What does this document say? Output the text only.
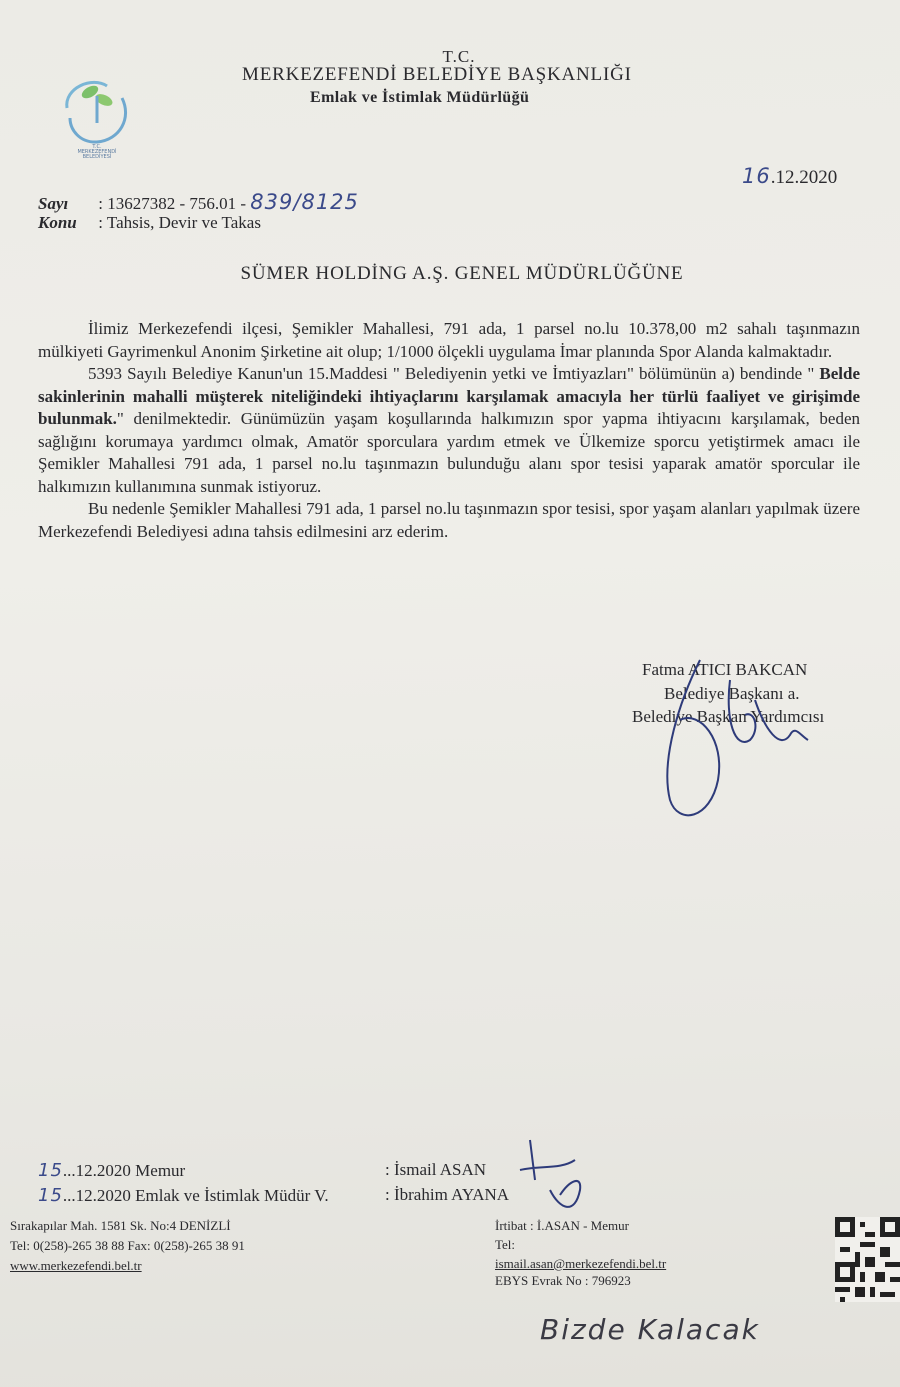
T.C.
MERKEZEFENDİ
BELEDİYESİ
T.C.
MERKEZEFENDİ BELEDİYE BAŞKANLIĞI
Emlak ve İstimlak Müdürlüğü
16.12.2020
Sayı : 13627382 - 756.01 - 839/8125
Konu : Tahsis, Devir ve Takas
SÜMER HOLDİNG A.Ş. GENEL MÜDÜRLÜĞÜNE

İlimiz Merkezefendi ilçesi, Şemikler Mahallesi, 791 ada, 1 parsel no.lu 10.378,00 m2 sahalı taşınmazın mülkiyeti Gayrimenkul Anonim Şirketine ait olup; 1/1000 ölçekli uygulama İmar planında Spor Alanda kalmaktadır.

5393 Sayılı Belediye Kanun'un 15.Maddesi " Belediyenin yetki ve İmtiyazları" bölümünün a) bendinde " Belde sakinlerinin mahalli müşterek niteliğindeki ihtiyaçlarını karşılamak amacıyla her türlü faaliyet ve girişimde bulunmak." denilmektedir. Günümüzün yaşam koşullarında halkımızın spor yapma ihtiyacını karşılamak, beden sağlığını korumaya yardımcı olmak, Amatör sporculara yardım etmek ve Ülkemize sporcu yetiştirmek amacı ile Şemikler Mahallesi 791 ada, 1 parsel no.lu taşınmazın bulunduğu alanı spor tesisi yaparak amatör sporcular ile halkımızın kullanımına sunmak istiyoruz.

Bu nedenle Şemikler Mahallesi 791 ada, 1 parsel no.lu taşınmazın spor tesisi, spor yaşam alanları yapılmak üzere Merkezefendi Belediyesi adına tahsis edilmesini arz ederim.

Fatma ATICI BAKCAN
Belediye Başkanı a.
Belediye Başkan Yardımcısı
15...12.2020 Memur	: İsmail ASAN
15...12.2020 Emlak ve İstimlak Müdür V.	: İbrahim AYANA
Sırakapılar Mah. 1581 Sk. No:4 DENİZLİ
Tel: 0(258)-265 38 88 Fax: 0(258)-265 38 91
www.merkezefendi.bel.tr
İrtibat : İ.ASAN - Memur
Tel:
ismail.asan@merkezefendi.bel.tr
EBYS Evrak No : 796923
Bizde Kalacak
